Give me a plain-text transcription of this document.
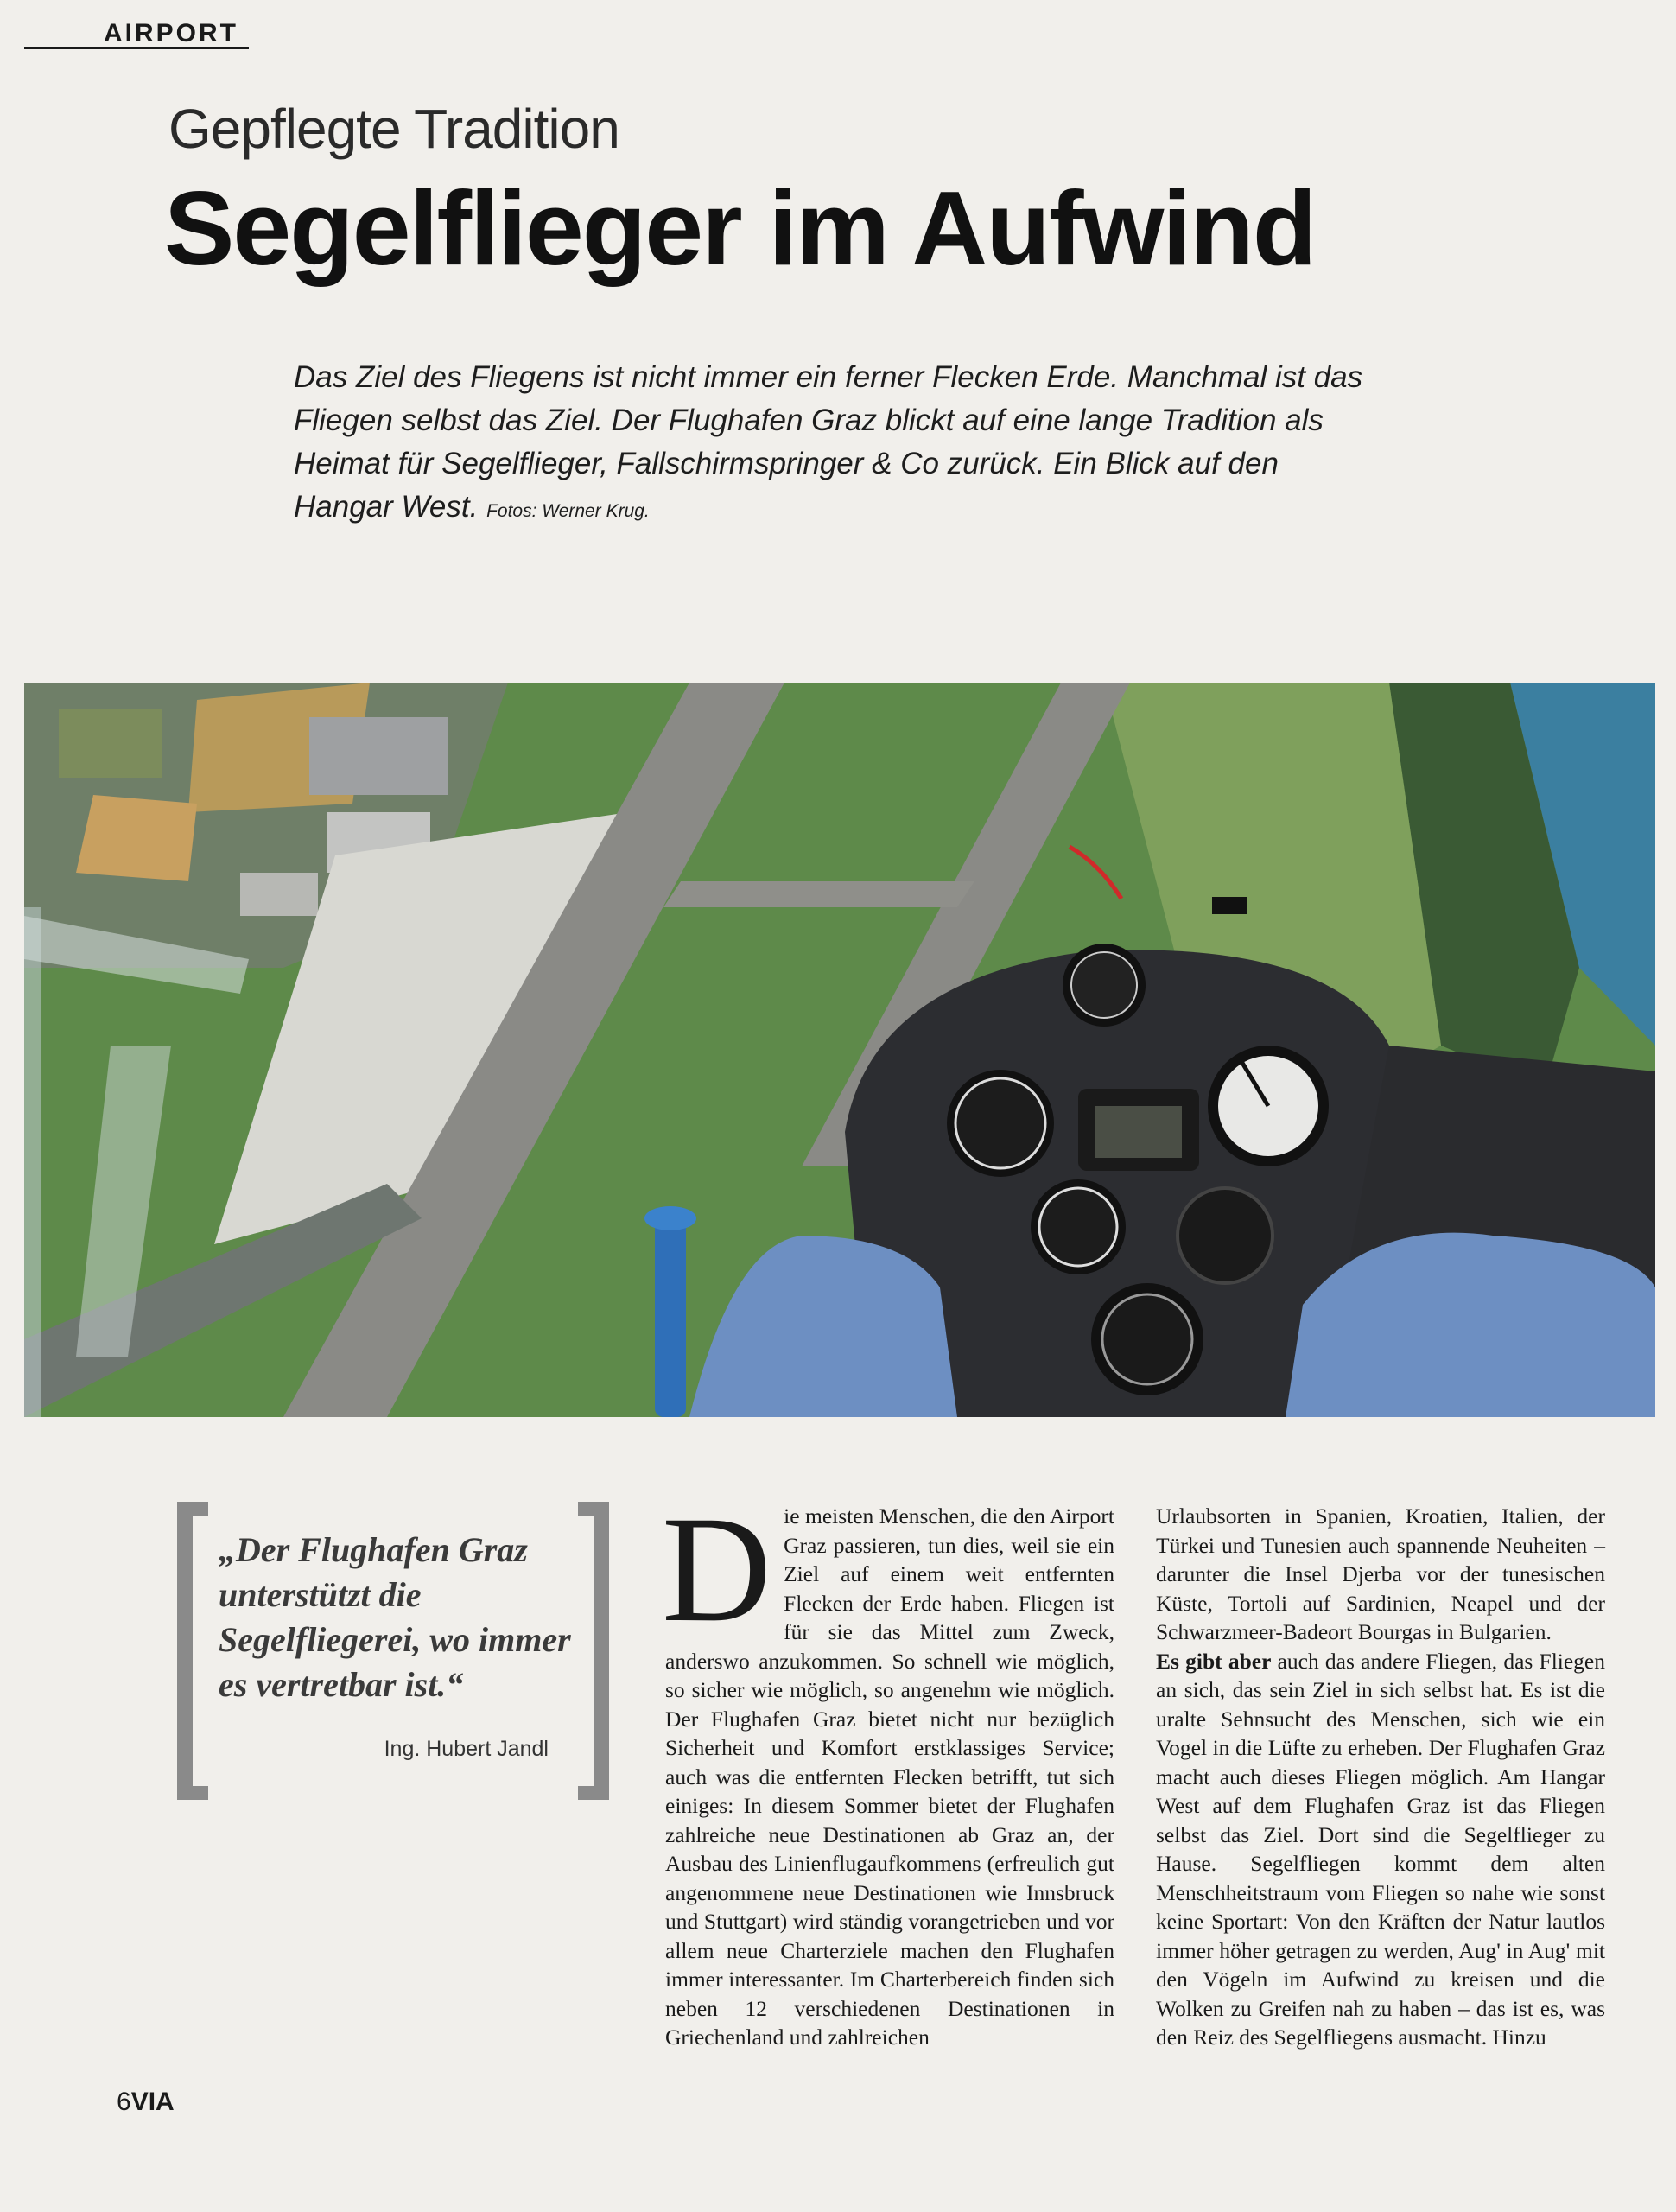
AIRPORT
Gepflegte Tradition
Segelflieger im Aufwind
Das Ziel des Fliegens ist nicht immer ein ferner Flecken Erde. Manchmal ist das Fliegen selbst das Ziel. Der Flughafen Graz blickt auf eine lange Tradition als Heimat für Segelflieger, Fallschirmspringer & Co zurück. Ein Blick auf den Hangar West. Fotos: Werner Krug.
„Der Flughafen Graz unterstützt die Segelfliegerei, wo immer es vertretbar ist.“
Ing. Hubert Jandl
D ie meisten Menschen, die den Airport Graz passieren, tun dies, weil sie ein Ziel auf einem weit entfernten Flecken der Erde haben. Fliegen ist für sie das Mittel zum Zweck, anderswo anzukommen. So schnell wie möglich, so sicher wie möglich, so angenehm wie möglich. Der Flughafen Graz bietet nicht nur bezüglich Sicherheit und Komfort erstklassiges Service; auch was die entfernten Flecken betrifft, tut sich einiges: In diesem Sommer bietet der Flughafen zahlreiche neue Destinationen ab Graz an, der Ausbau des Linienflugaufkommens (erfreulich gut angenommene neue Destinationen wie Innsbruck und Stuttgart) wird ständig vorangetrieben und vor allem neue Charterziele machen den Flughafen immer interessanter. Im Charterbereich finden sich neben 12 verschiedenen Destinationen in Griechenland und zahlreichen

Urlaubsorten in Spanien, Kroatien, Italien, der Türkei und Tunesien auch spannende Neuheiten – darunter die Insel Djerba vor der tunesischen Küste, Tortoli auf Sardinien, Neapel und der Schwarzmeer-Badeort Bourgas in Bulgarien.

Es gibt aber auch das andere Fliegen, das Fliegen an sich, das sein Ziel in sich selbst hat. Es ist die uralte Sehnsucht des Menschen, sich wie ein Vogel in die Lüfte zu erheben. Der Flughafen Graz macht auch dieses Fliegen möglich. Am Hangar West auf dem Flughafen Graz ist das Fliegen selbst das Ziel. Dort sind die Segelflieger zu Hause. Segelfliegen kommt dem alten Menschheitstraum vom Fliegen so nahe wie sonst keine Sportart: Von den Kräften der Natur lautlos immer höher getragen zu werden, Aug' in Aug' mit den Vögeln im Aufwind zu kreisen und die Wolken zu Greifen nah zu haben – das ist es, was den Reiz des Segelfliegens ausmacht. Hinzu

6VIA
